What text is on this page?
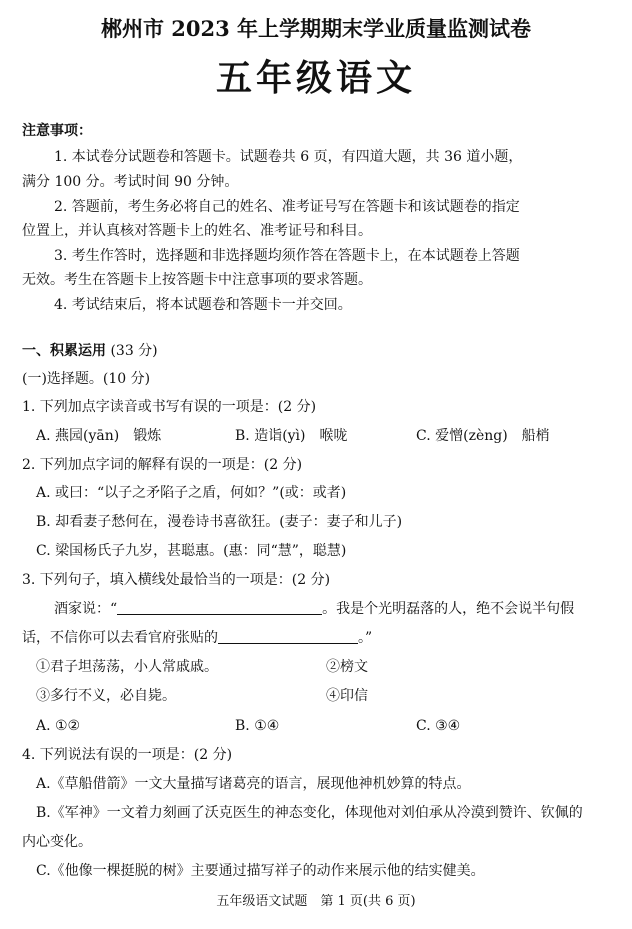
郴州市 2023 年上学期期末学业质量监测试卷
五年级语文
注意事项：
1. 本试卷分试题卷和答题卡。试题卷共 6 页，有四道大题，共 36 道小题，
满分 100 分。考试时间 90 分钟。
2. 答题前，考生务必将自己的姓名、准考证号写在答题卡和该试题卷的指定
位置上，并认真核对答题卡上的姓名、准考证号和科目。
3. 考生作答时，选择题和非选择题均须作答在答题卡上，在本试题卷上答题
无效。考生在答题卡上按答题卡中注意事项的要求答题。
4. 考试结束后，将本试题卷和答题卡一并交回。
一、积累运用 (33 分)
(一)选择题。(10 分)
1. 下列加点字读音或书写有误的一项是：(2 分)
A. 燕园(yān)　锻炼	B. 造诣(yì)　喉咙	C. 爱憎(zèng)　船梢
2. 下列加点字词的解释有误的一项是：(2 分)
A. 或曰：“以子之矛陷子之盾，何如？”(或：或者)
B. 却看妻子愁何在，漫卷诗书喜欲狂。(妻子：妻子和儿子)
C. 梁国杨氏子九岁，甚聪惠。(惠：同“慧”，聪慧)
3. 下列句子，填入横线处最恰当的一项是：(2 分)
酒家说：“	。我是个光明磊落的人，绝不会说半句假
话，不信你可以去看官府张贴的	。”
①君子坦荡荡，小人常戚戚。	②榜文
③多行不义，必自毙。	④印信
A. ①②	B. ①④	C. ③④
4. 下列说法有误的一项是：(2 分)
A.《草船借箭》一文大量描写诸葛亮的语言，展现他神机妙算的特点。
B.《军神》一文着力刻画了沃克医生的神态变化，体现他对刘伯承从冷漠到赞许、钦佩的
内心变化。
C.《他像一棵挺脱的树》主要通过描写祥子的动作来展示他的结实健美。
五年级语文试题　第 1 页(共 6 页)
